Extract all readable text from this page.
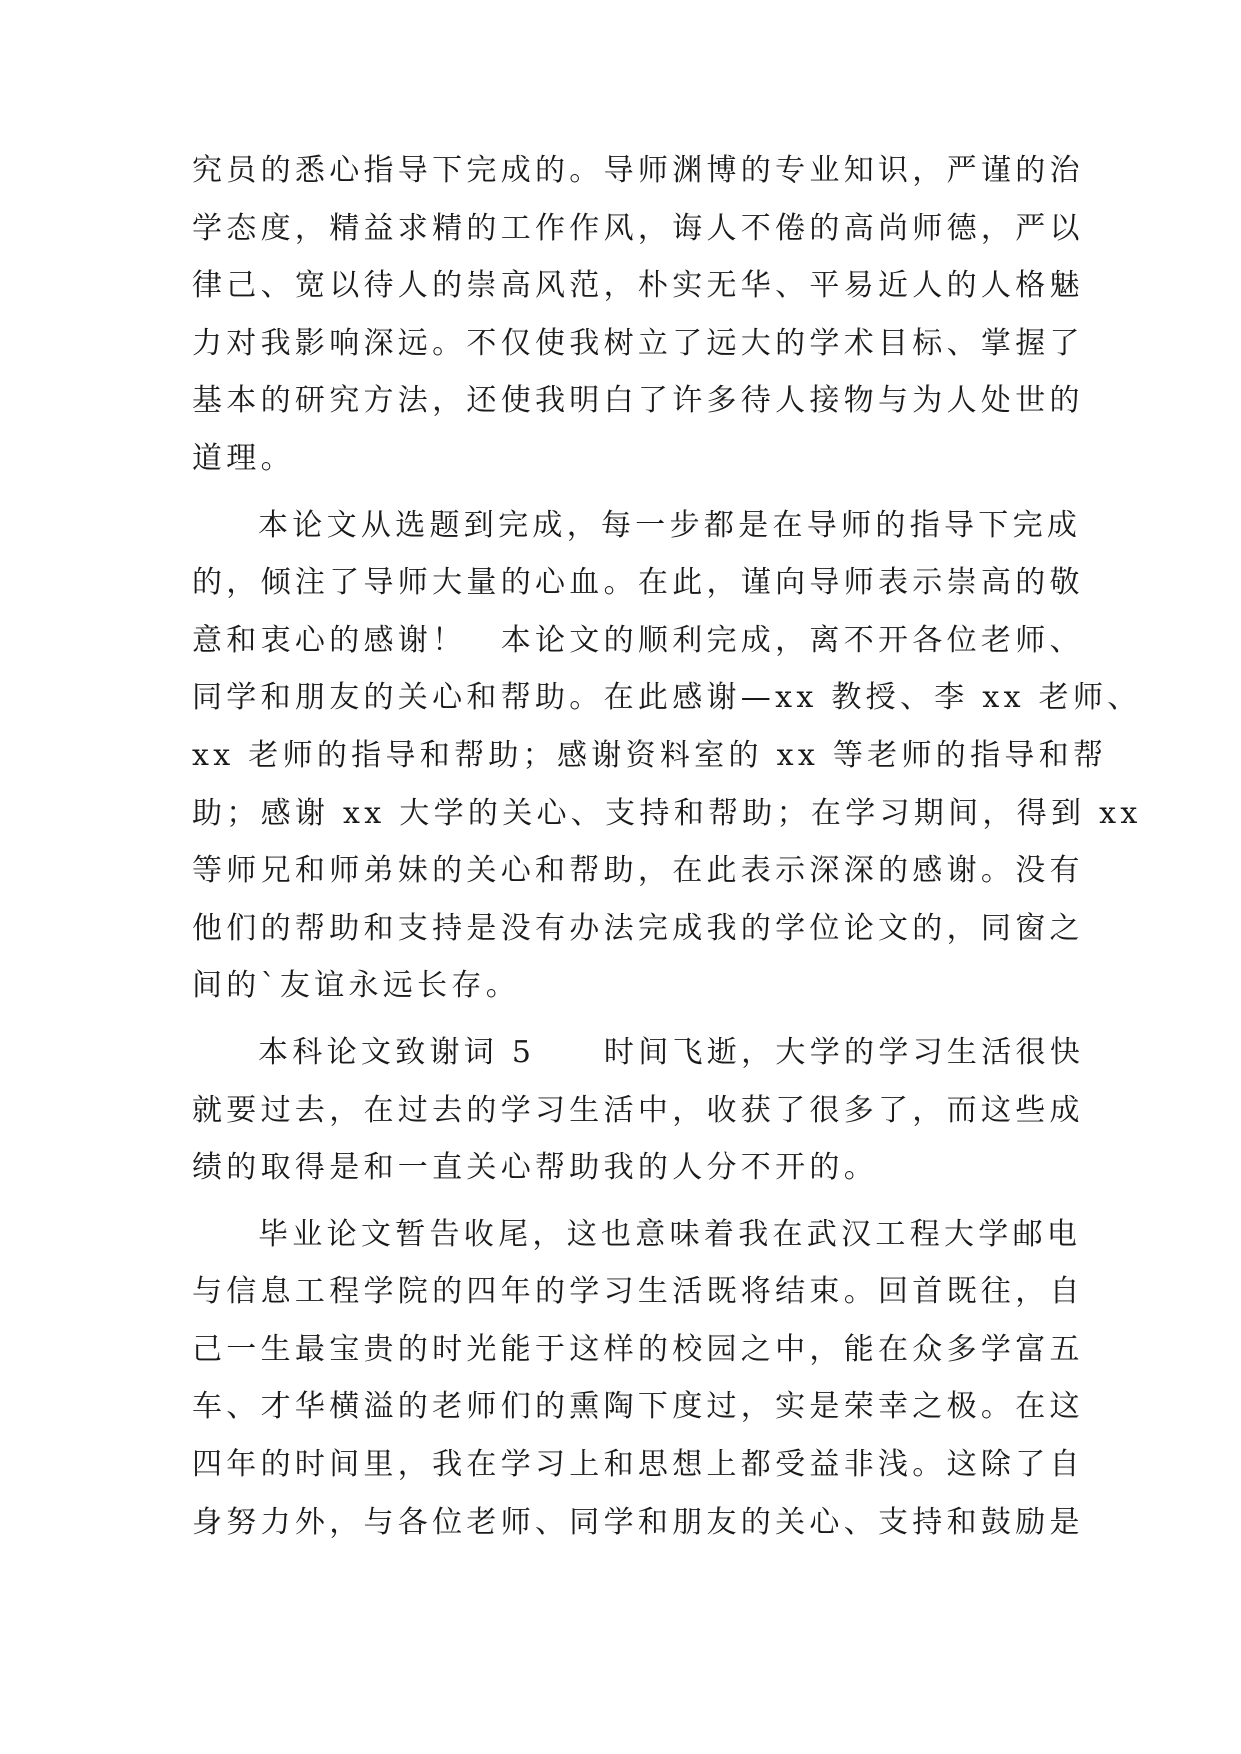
究员的悉心指导下完成的。导师渊博的专业知识，严谨的治
学态度，精益求精的工作作风，诲人不倦的高尚师德，严以
律己、宽以待人的崇高风范，朴实无华、平易近人的人格魅
力对我影响深远。不仅使我树立了远大的学术目标、掌握了
基本的研究方法，还使我明白了许多待人接物与为人处世的
道理。
本论文从选题到完成，每一步都是在导师的指导下完成
的，倾注了导师大量的心血。在此，谨向导师表示崇高的敬
意和衷心的感谢！　本论文的顺利完成，离不开各位老师、
同学和朋友的关心和帮助。在此感谢—xx 教授、李 xx 老师、
xx 老师的指导和帮助；感谢资料室的 xx 等老师的指导和帮
助；感谢 xx 大学的关心、支持和帮助；在学习期间，得到 xx
等师兄和师弟妹的关心和帮助，在此表示深深的感谢。没有
他们的帮助和支持是没有办法完成我的学位论文的，同窗之
间的`友谊永远长存。
本科论文致谢词 5　　时间飞逝，大学的学习生活很快
就要过去，在过去的学习生活中，收获了很多了，而这些成
绩的取得是和一直关心帮助我的人分不开的。
毕业论文暂告收尾，这也意味着我在武汉工程大学邮电
与信息工程学院的四年的学习生活既将结束。回首既往，自
己一生最宝贵的时光能于这样的校园之中，能在众多学富五
车、才华横溢的老师们的熏陶下度过，实是荣幸之极。在这
四年的时间里，我在学习上和思想上都受益非浅。这除了自
身努力外，与各位老师、同学和朋友的关心、支持和鼓励是
